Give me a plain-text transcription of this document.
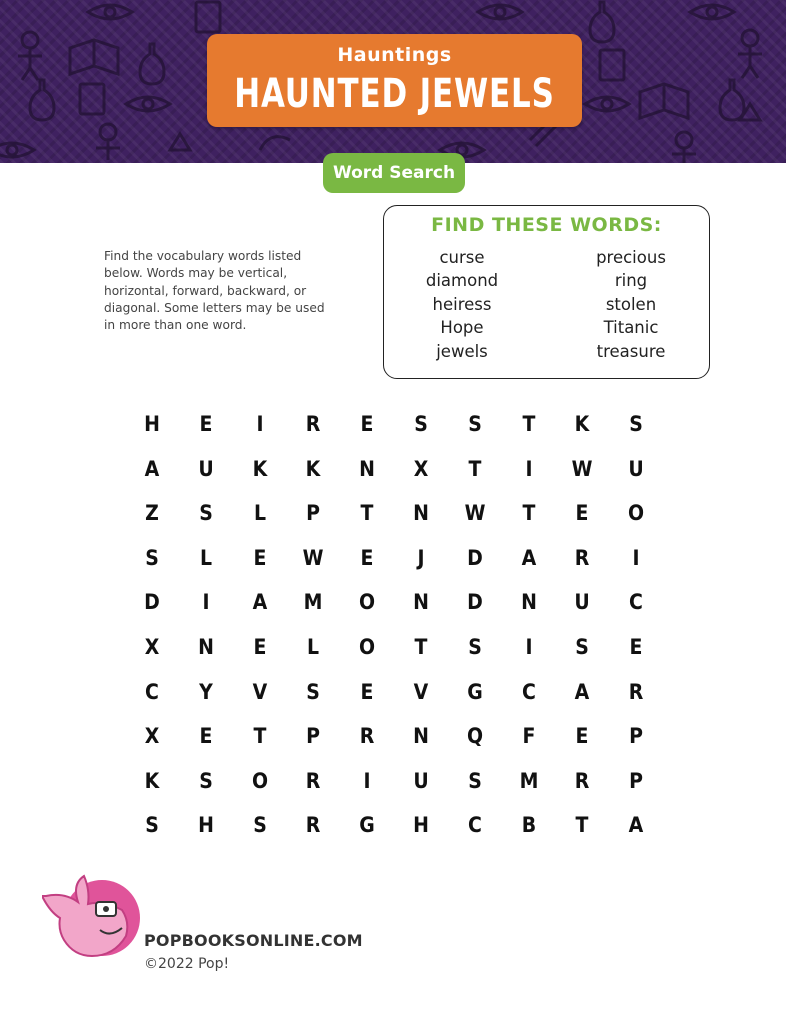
Hauntings
HAUNTED JEWELS
Word Search
Find the vocabulary words listed below. Words may be vertical, horizontal, forward, backward, or diagonal. Some letters may be used in more than one word.
FIND THESE WORDS:
curse
diamond
heiress
Hope
jewels
precious
ring
stolen
Titanic
treasure
H	E	I	R	E	S	S	T	K	S
A U K K N X	T	I	W U
Z	S	L	P	T	N W	T	E	O
S	L	E	W	E	J	D A R	I
D	I	A M O N D N U	C
X N	E	L	O	T	S	I	S	E
C	Y	V	S	E	V G	C	A R
X	E	T	P	R N Q	F	E	P
K	S	O R	I	U	S	M R	P
S	H	S	R G H	C	B	T	A
POPBOOKSONLINE.COM
©2022 Pop!
